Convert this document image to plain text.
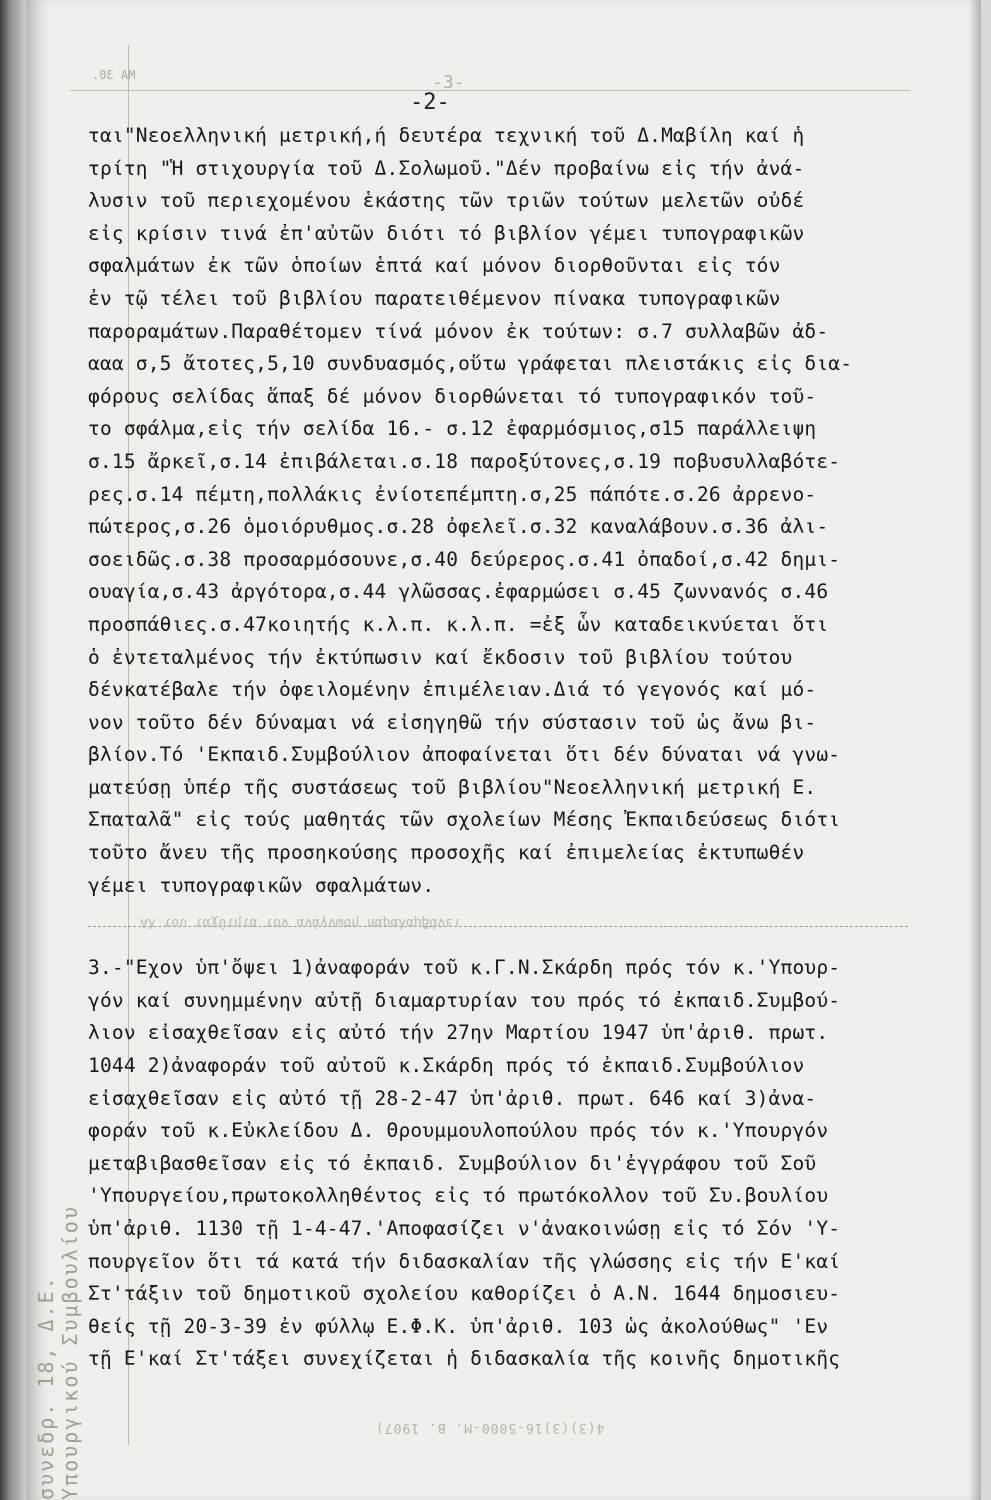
ΜΑ 30.
συνεδρ. 18, Δ.Ε. Υπουργικού Συμβουλίου
-3-
-2-
ται"Νεοελληνική μετρική,ή δευτέρα τεχνική τοῦ Δ.Μαβίλη καί ἡ
τρίτη "Ἡ στιχουργία τοῦ Δ.Σολωμοῦ."Δέν προβαίνω εἰς τήν ἀνά-
λυσιν τοῦ περιεχομένου ἑκάστης τῶν τριῶν τούτων μελετῶν οὐδέ
εἰς κρίσιν τινά ἐπ'αὐτῶν διότι τό βιβλίον γέμει τυπογραφικῶν
σφαλμάτων ἐκ τῶν ὁποίων ἑπτά καί μόνον διορθοῦνται εἰς τόν
ἐν τῷ τέλει τοῦ βιβλίου παρατειθέμενον πίνακα τυπογραφικῶν
παροραμάτων.Παραθέτομεν τίνά μόνον ἐκ τούτων: σ.7 συλλαβῶν ἀδ-
ααα σ,5 ἄτοτες,5,10 συνδυασμός,οὕτω γράφεται πλειστάκις εἰς δια-
φόρους σελίδας ἅπαξ δέ μόνον διορθώνεται τό τυπογραφικόν τοῦ-
το σφάλμα,εἰς τήν σελίδα 16.- σ.12 ἐφαρμόσμιος,σ15 παράλλειψη
σ.15 ἄρκεῖ,σ.14 ἐπιβάλεται.σ.18 παροξύτονες,σ.19 ποβυσυλλαβότε-
ρες.σ.14 πέμτη,πολλάκις ἐνίοτεπέμπτη.σ,25 πάπότε.σ.26 ἀρρενο-
πώτερος,σ.26 ὁμοιόρυθμος.σ.28 ὀφελεῖ.σ.32 καναλάβουν.σ.36 ἀλι-
σοειδῶς.σ.38 προσαρμόσουνε,σ.40 δεύρερος.σ.41 ὀπαδοί,σ.42 δημι-
ουαγία,σ.43 ἀργότορα,σ.44 γλῶσσας.ἐφαρμώσει σ.45 ζωννανός σ.46
προσπάθιες.σ.47κοιητής κ.λ.π. κ.λ.π. =ἐξ ὧν καταδεικνύεται ὅτι
ὁ ἐντεταλμένος τήν ἐκτύπωσιν καί ἔκδοσιν τοῦ βιβλίου τούτου
δένκατέβαλε τήν ὀφειλομένην ἐπιμέλειαν.Διά τό γεγονός καί μό-
νον τοῦτο δέν δύναμαι νά εἰσηγηθῶ τήν σύστασιν τοῦ ὡς ἄνω βι-
βλίον.Τό 'Εκπαιδ.Συμβούλιον ἀποφαίνεται ὅτι δέν δύναται νά γνω-
ματεύσῃ ὑπέρ τῆς συστάσεως τοῦ βιβλίου"Νεοελληνική μετρική Ε.
Σπαταλᾶ" εἰς τούς μαθητάς τῶν σχολείων Μέσης Ἐκπαιδεύσεως διότι
τοῦτο ἄνευ τῆς προσηκούσης προσοχῆς καί ἐπιμελείας ἐκτυπωθέν
γέμει τυπογραφικῶν σφαλμάτων.
3.-"Εχον ὑπ'ὄψει 1)ἀναφοράν τοῦ κ.Γ.Ν.Σκάρδη πρός τόν κ.'Υπουρ-
γόν καί συνημμένην αὐτῇ διαμαρτυρίαν του πρός τό ἐκπαιδ.Συμβού-
λιον εἰσαχθεῖσαν εἰς αὐτό τήν 27ην Μαρτίου 1947 ὑπ'ἀριθ. πρωτ.
1044 2)ἀναφοράν τοῦ αὐτοῦ κ.Σκάρδη πρός τό ἐκπαιδ.Συμβούλιον
εἰσαχθεῖσαν εἰς αὐτό τῇ 28-2-47 ὑπ'ἀριθ. πρωτ. 646 καί 3)ἀνα-
φοράν τοῦ κ.Εὐκλείδου Δ. Θρουμμουλοπούλου πρός τόν κ.'Υπουργόν
μεταβιβασθεῖσαν εἰς τό ἐκπαιδ. Συμβούλιον δι'ἐγγράφου τοῦ Σοῦ
'Υπουργείου,πρωτοκολληθέντος εἰς τό πρωτόκολλον τοῦ Συ.βουλίου
ὑπ'ἀριθ. 1130 τῇ 1-4-47.'Αποφασίζει ν'ἀνακοινώσῃ εἰς τό Σόν 'Υ-
πουργεῖον ὅτι τά κατά τήν διδασκαλίαν τῆς γλώσσης εἰς τήν Ε'καί
Στ'τάξιν τοῦ δημοτικοῦ σχολείου καθορίζει ὁ Α.Ν. 1644 δημοσιευ-
θείς τῇ 20-3-39 ἐν φύλλῳ Ε.Φ.Κ. ὑπ'ἀριθ. 103 ὡς ἀκολούθως" 'Εν
τῇ Ε'καί Στ'τάξει συνεχίζεται ἡ διδασκαλία τῆς κοινῆς δημοτικῆς
Αλ του ταχύτητα τον ανάγνωση παραλαμβάνει
4(3)(3)16-5000-Μ. Β. 1907)
